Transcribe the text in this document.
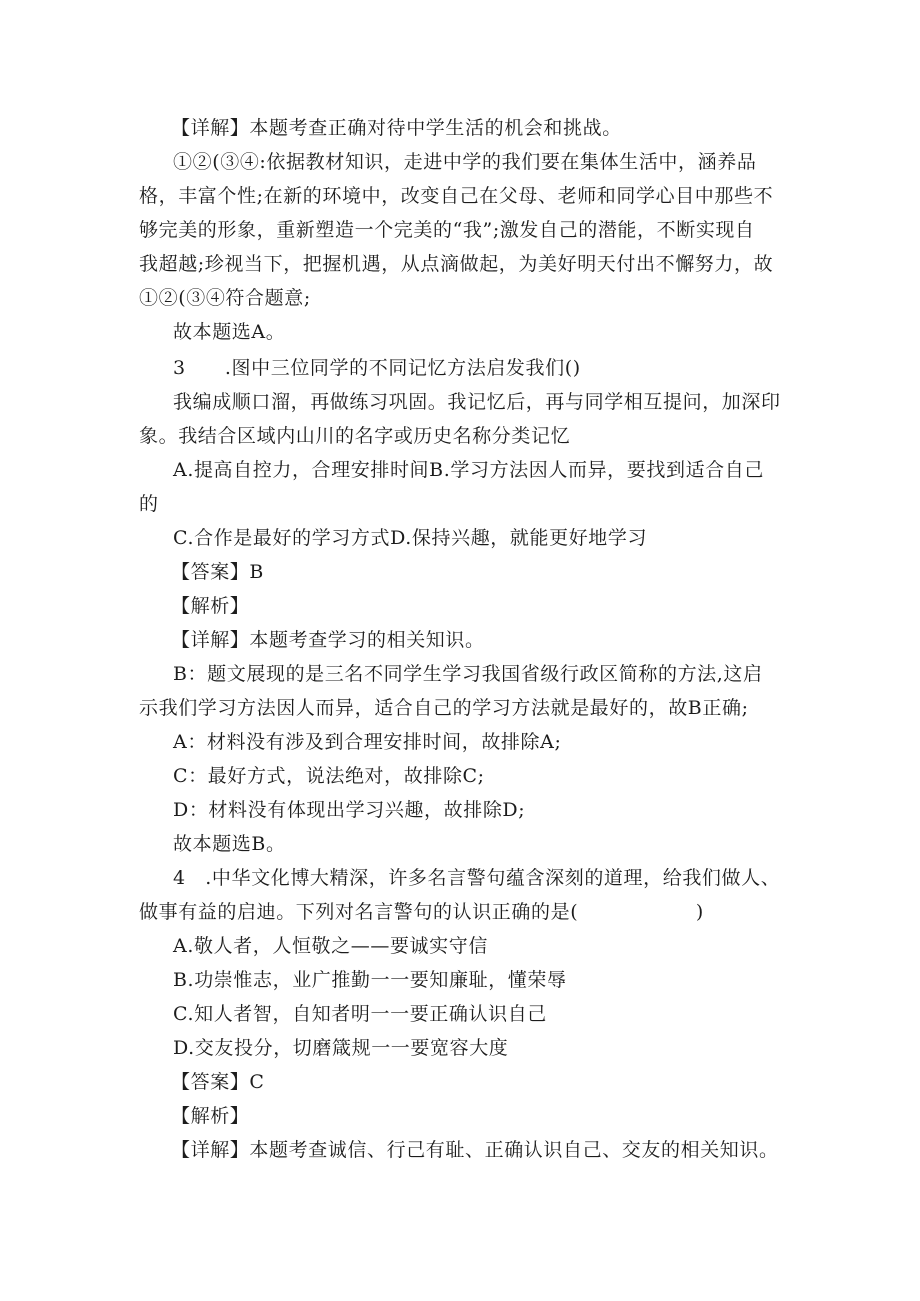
【详解】本题考查正确对待中学生活的机会和挑战。
①②(③④:依据教材知识，走进中学的我们要在集体生活中，涵养品
格，丰富个性;在新的环境中，改变自己在父母、老师和同学心目中那些不
够完美的形象，重新塑造一个完美的“我”;激发自己的潜能，不断实现自
我超越;珍视当下，把握机遇，从点滴做起，为美好明天付出不懈努力，故
①②(③④符合题意;
故本题选A。
3　　.图中三位同学的不同记忆方法启发我们()
我编成顺口溜，再做练习巩固。我记忆后，再与同学相互提问，加深印
象。我结合区域内山川的名字或历史名称分类记忆
A.提高自控力，合理安排时间B.学习方法因人而异，要找到适合自己
的
C.合作是最好的学习方式D.保持兴趣，就能更好地学习
【答案】B
【解析】
【详解】本题考查学习的相关知识。
B：题文展现的是三名不同学生学习我国省级行政区简称的方法,这启
示我们学习方法因人而异，适合自己的学习方法就是最好的，故B正确;
A：材料没有涉及到合理安排时间，故排除A;
C：最好方式，说法绝对，故排除C;
D：材料没有体现出学习兴趣，故排除D;
故本题选B。
4　.中华文化博大精深，许多名言警句蕴含深刻的道理，给我们做人、
做事有益的启迪。下列对名言警句的认识正确的是(　　　　　　)
A.敬人者，人恒敬之——要诚实守信
B.功崇惟志，业广推勤一一要知廉耻，懂荣辱
C.知人者智，自知者明一一要正确认识自己
D.交友投分，切磨箴规一一要宽容大度
【答案】C
【解析】
【详解】本题考查诚信、行己有耻、正确认识自己、交友的相关知识。
